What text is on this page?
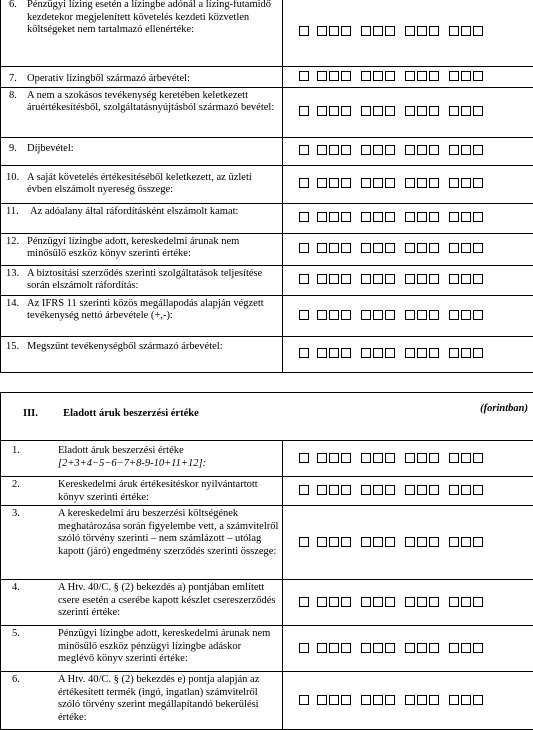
6. Pénzügyi lízing esetén a lízingbe adónál a lízing-futamidő kezdetekor megjelenített követelés kezdeti közvetlen költségeket nem tartalmazó ellenértéke:	

7. Operatív lízingből származó árbevétel:	

8. A nem a szokásos tevékenység keretében keletkezett áruértékesítésből, szolgáltatásnyújtásból származó bevétel:	

9. Díjbevétel:	

10. A saját követelés értékesítéséből keletkezett, az üzleti évben elszámolt nyereség összege:	

11. Az adóalany által ráfordításként elszámolt kamat:	

12. Pénzügyi lízingbe adott, kereskedelmi árunak nem minősülő eszköz könyv szerinti értéke:	

13. A biztosítási szerződés szerinti szolgáltatások teljesítése során elszámolt ráfordítás:	

14. Az IFRS 11 szerinti közös megállapodás alapján végzett tevékenység nettó árbevétele (+,-):	

15. Megszűnt tevékenységből származó árbevétel:	

III. Eladott áruk beszerzési értéke (forintban)	

1. Eladott áruk beszerzési értéke
[2+3+4−5−6−7+8-9-10+11+12]:	

2. Kereskedelmi áruk értékesítéskor nyilvántartott könyv szerinti értéke:	

3. A kereskedelmi áru beszerzési költségének meghatározása során figyelembe vett, a számvitelről szóló törvény szerinti – nem számlázott – utólag kapott (járó) engedmény szerződés szerinti összege:	

4. A Htv. 40/C. § (2) bekezdés a) pontjában említett csere esetén a cserébe kapott készlet csereszerződés szerinti értéke:	

5. Pénzügyi lízingbe adott, kereskedelmi árunak nem minősülő eszköz pénzügyi lízingbe adáskor meglévő könyv szerinti értéke:	

6. A Htv. 40/C. § (2) bekezdés e) pontja alapján az értékesített termék (ingó, ingatlan) számvitelről szóló törvény szerint megállapítandó bekerülési értéke:	
